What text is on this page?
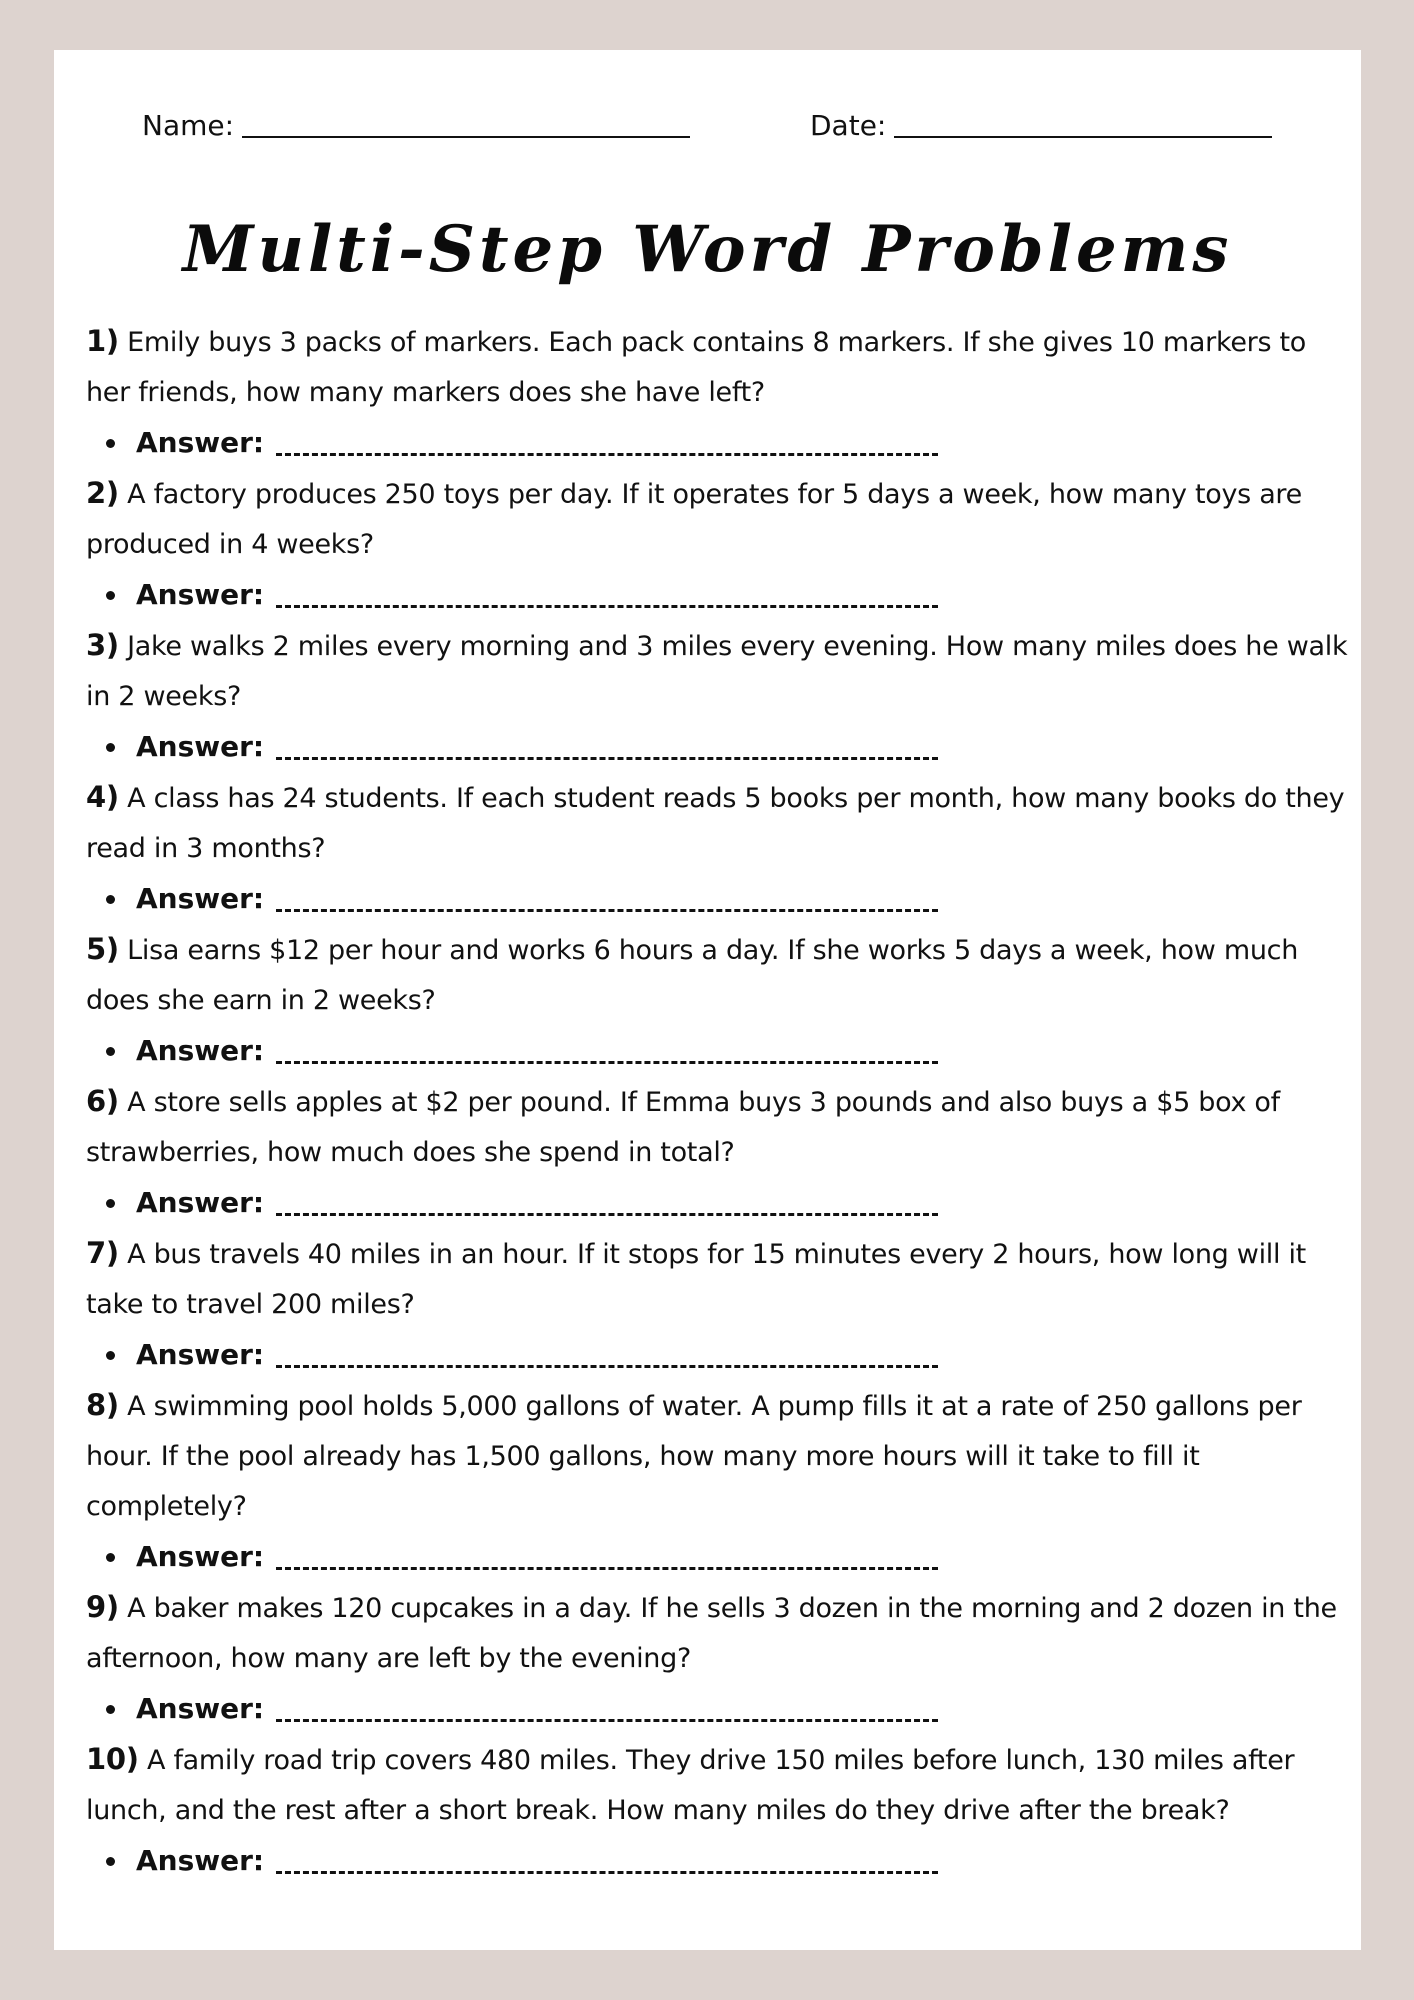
Name:	Date:
Multi-Step Word Problems

1) Emily buys 3 packs of markers. Each pack contains 8 markers. If she gives 10 markers to her friends, how many markers does she have left?

Answer:

2) A factory produces 250 toys per day. If it operates for 5 days a week, how many toys are produced in 4 weeks?

Answer:

3) Jake walks 2 miles every morning and 3 miles every evening. How many miles does he walk in 2 weeks?

Answer:

4) A class has 24 students. If each student reads 5 books per month, how many books do they read in 3 months?

Answer:

5) Lisa earns $12 per hour and works 6 hours a day. If she works 5 days a week, how much does she earn in 2 weeks?

Answer:

6) A store sells apples at $2 per pound. If Emma buys 3 pounds and also buys a $5 box of strawberries, how much does she spend in total?

Answer:

7) A bus travels 40 miles in an hour. If it stops for 15 minutes every 2 hours, how long will it take to travel 200 miles?

Answer:

8) A swimming pool holds 5,000 gallons of water. A pump fills it at a rate of 250 gallons per hour. If the pool already has 1,500 gallons, how many more hours will it take to fill it completely?

Answer:

9) A baker makes 120 cupcakes in a day. If he sells 3 dozen in the morning and 2 dozen in the afternoon, how many are left by the evening?

Answer:

10) A family road trip covers 480 miles. They drive 150 miles before lunch, 130 miles after lunch, and the rest after a short break. How many miles do they drive after the break?

Answer:
